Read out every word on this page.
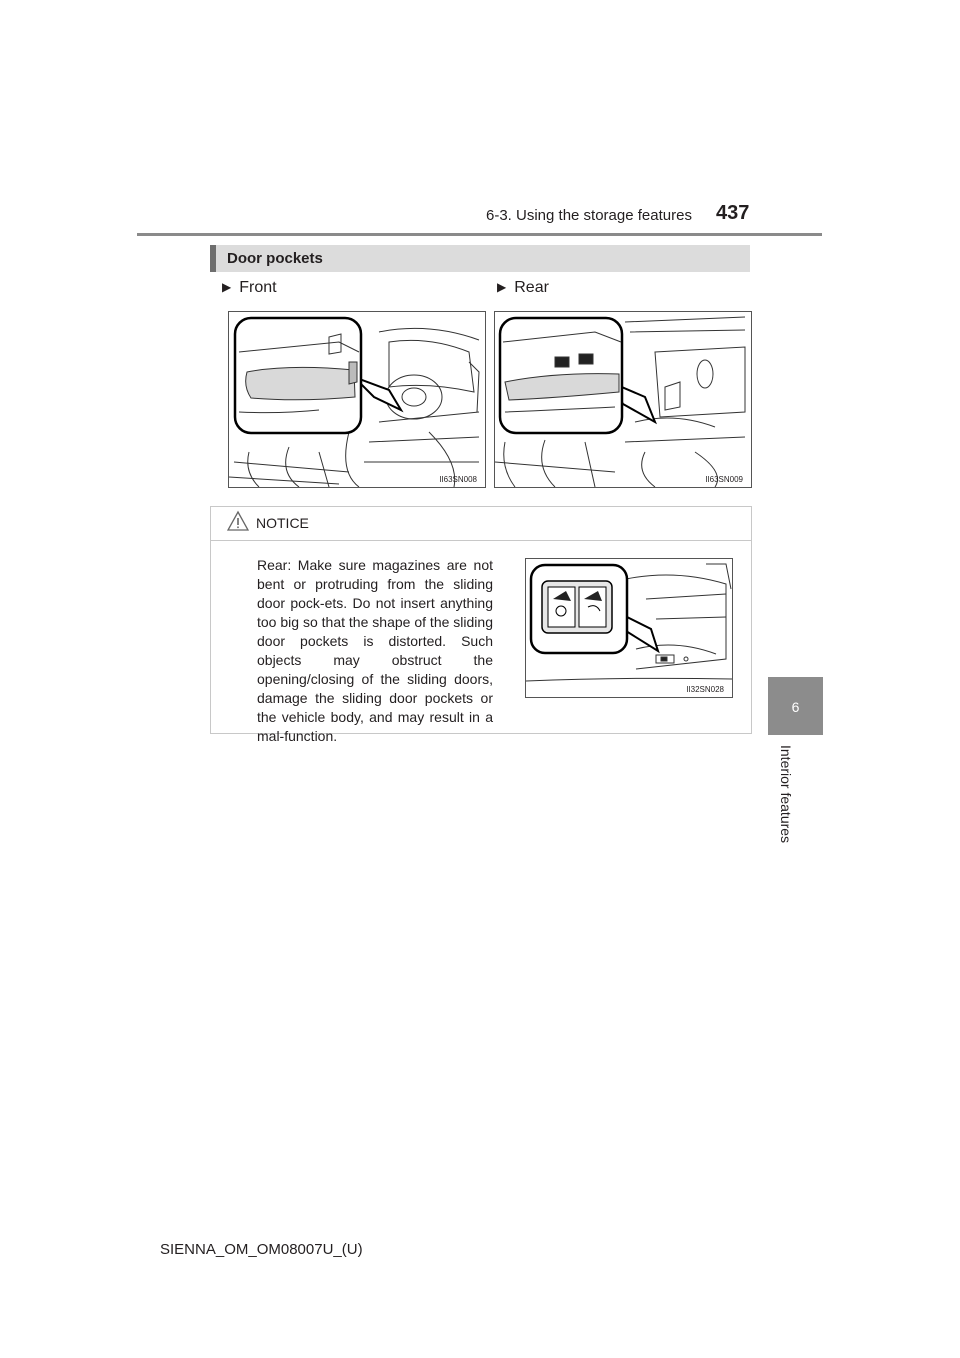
6-3. Using the storage features 437
6
Interior features
Door pockets
▶ Front	▶ Rear
II63SN008	II63SN009
NOTICE

Rear: Make sure magazines are not bent or protruding from the sliding door pock-ets. Do not insert anything too big so that the shape of the sliding door pockets is distorted. Such objects may obstruct the opening/closing of the sliding doors, damage the sliding door pockets or the vehicle body, and may result in a mal-function.

II32SN028
SIENNA_OM_OM08007U_(U)
